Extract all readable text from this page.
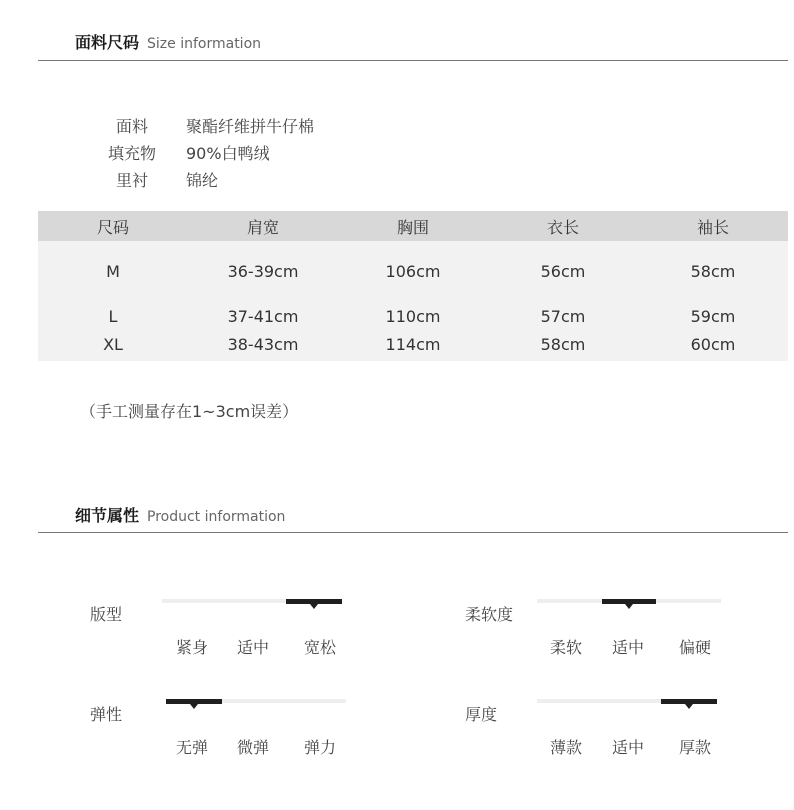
面料尺码 Size information
面料	聚酯纤维拼牛仔棉
填充物	90%白鸭绒
里衬	锦纶
尺码	肩宽	胸围	衣长	袖长
M	36-39cm	106cm	56cm	58cm
L	37-41cm	110cm	57cm	59cm
XL	38-43cm	114cm	58cm	60cm
（手工测量存在1~3cm误差）
细节属性 Product information
版型
紧身 适中 宽松
柔软度
柔软 适中 偏硬
弹性
无弹 微弹 弹力
厚度
薄款 适中 厚款
